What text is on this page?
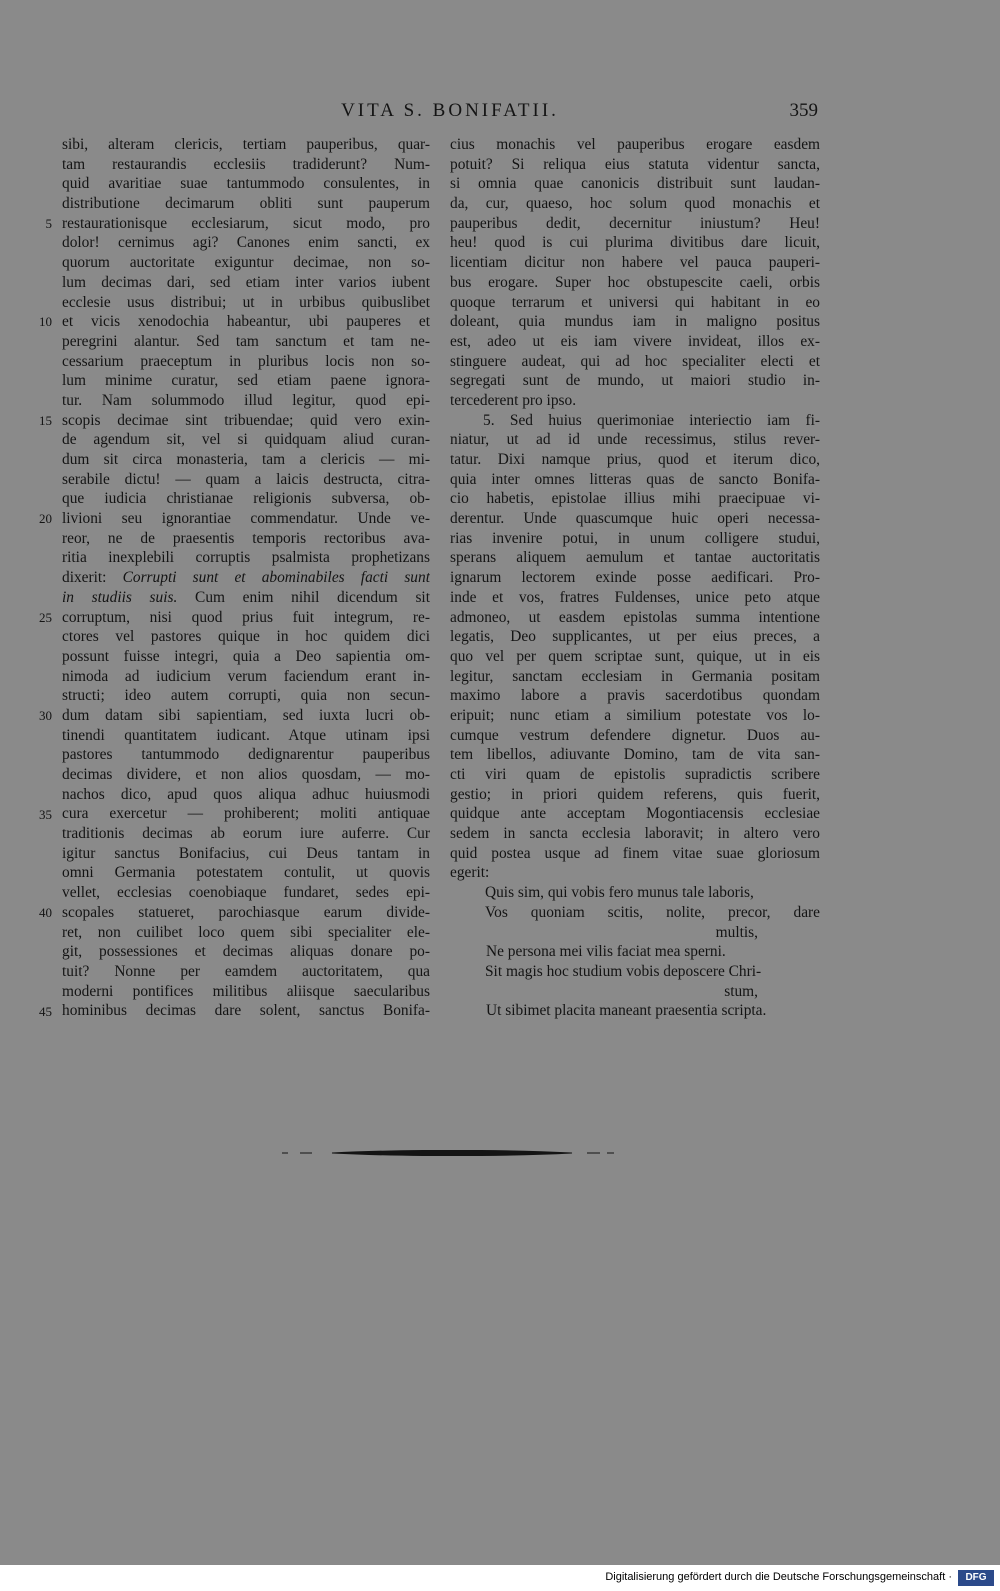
VITA S. BONIFATII.	359
5
10
15
20
25
30
35
40
45
sibi, alteram clericis, tertiam pauperibus, quar-
tam restaurandis ecclesiis tradiderunt? Num-
quid avaritiae suae tantummodo consulentes, in
distributione decimarum obliti sunt pauperum
restaurationisque ecclesiarum, sicut modo, pro
dolor! cernimus agi? Canones enim sancti, ex
quorum auctoritate exiguntur decimae, non so-
lum decimas dari, sed etiam inter varios iubent
ecclesie usus distribui; ut in urbibus quibuslibet
et vicis xenodochia habeantur, ubi pauperes et
peregrini alantur. Sed tam sanctum et tam ne-
cessarium praeceptum in pluribus locis non so-
lum minime curatur, sed etiam paene ignora-
tur. Nam solummodo illud legitur, quod epi-
scopis decimae sint tribuendae; quid vero exin-
de agendum sit, vel si quidquam aliud curan-
dum sit circa monasteria, tam a clericis — mi-
serabile dictu! — quam a laicis destructa, citra-
que iudicia christianae religionis subversa, ob-
livioni seu ignorantiae commendatur. Unde ve-
reor, ne de praesentis temporis rectoribus ava-
ritia inexplebili corruptis psalmista prophetizans
dixerit: Corrupti sunt et abominabiles facti sunt
in studiis suis. Cum enim nihil dicendum sit
corruptum, nisi quod prius fuit integrum, re-
ctores vel pastores quique in hoc quidem dici
possunt fuisse integri, quia a Deo sapientia om-
nimoda ad iudicium verum faciendum erant in-
structi; ideo autem corrupti, quia non secun-
dum datam sibi sapientiam, sed iuxta lucri ob-
tinendi quantitatem iudicant. Atque utinam ipsi
pastores tantummodo dedignarentur pauperibus
decimas dividere, et non alios quosdam, — mo-
nachos dico, apud quos aliqua adhuc huiusmodi
cura exercetur — prohiberent; moliti antiquae
traditionis decimas ab eorum iure auferre. Cur
igitur sanctus Bonifacius, cui Deus tantam in
omni Germania potestatem contulit, ut quovis
vellet, ecclesias coenobiaque fundaret, sedes epi-
scopales statueret, parochiasque earum divide-
ret, non cuilibet loco quem sibi specialiter ele-
git, possessiones et decimas aliquas donare po-
tuit? Nonne per eamdem auctoritatem, qua
moderni pontifices militibus aliisque saecularibus
hominibus decimas dare solent, sanctus Bonifa-
cius monachis vel pauperibus erogare easdem
potuit? Si reliqua eius statuta videntur sancta,
si omnia quae canonicis distribuit sunt laudan-
da, cur, quaeso, hoc solum quod monachis et
pauperibus dedit, decernitur iniustum? Heu!
heu! quod is cui plurima divitibus dare licuit,
licentiam dicitur non habere vel pauca pauperi-
bus erogare. Super hoc obstupescite caeli, orbis
quoque terrarum et universi qui habitant in eo
doleant, quia mundus iam in maligno positus
est, adeo ut eis iam vivere invideat, illos ex-
stinguere audeat, qui ad hoc specialiter electi et
segregati sunt de mundo, ut maiori studio in-
tercederent pro ipso.
5. Sed huius querimoniae interiectio iam fi-
niatur, ut ad id unde recessimus, stilus rever-
tatur. Dixi namque prius, quod et iterum dico,
quia inter omnes litteras quas de sancto Bonifa-
cio habetis, epistolae illius mihi praecipuae vi-
derentur. Unde quascumque huic operi necessa-
rias invenire potui, in unum colligere studui,
sperans aliquem aemulum et tantae auctoritatis
ignarum lectorem exinde posse aedificari. Pro-
inde et vos, fratres Fuldenses, unice peto atque
admoneo, ut easdem epistolas summa intentione
legatis, Deo supplicantes, ut per eius preces, a
quo vel per quem scriptae sunt, quique, ut in eis
legitur, sanctam ecclesiam in Germania positam
maximo labore a pravis sacerdotibus quondam
eripuit; nunc etiam a similium potestate vos lo-
cumque vestrum defendere dignetur. Duos au-
tem libellos, adiuvante Domino, tam de vita san-
cti viri quam de epistolis supradictis scribere
gestio; in priori quidem referens, quis fuerit,
quidque ante acceptam Mogontiacensis ecclesiae
sedem in sancta ecclesia laboravit; in altero vero
quid postea usque ad finem vitae suae gloriosum
egerit:
Quis sim, qui vobis fero munus tale laboris,
Vos quoniam scitis, nolite, precor, dare
multis,
Ne persona mei vilis faciat mea sperni.
Sit magis hoc studium vobis deposcere Chri-
stum,
Ut sibimet placita maneant praesentia scripta.
Digitalisierung gefördert durch die Deutsche Forschungsgemeinschaft ·	DFG
